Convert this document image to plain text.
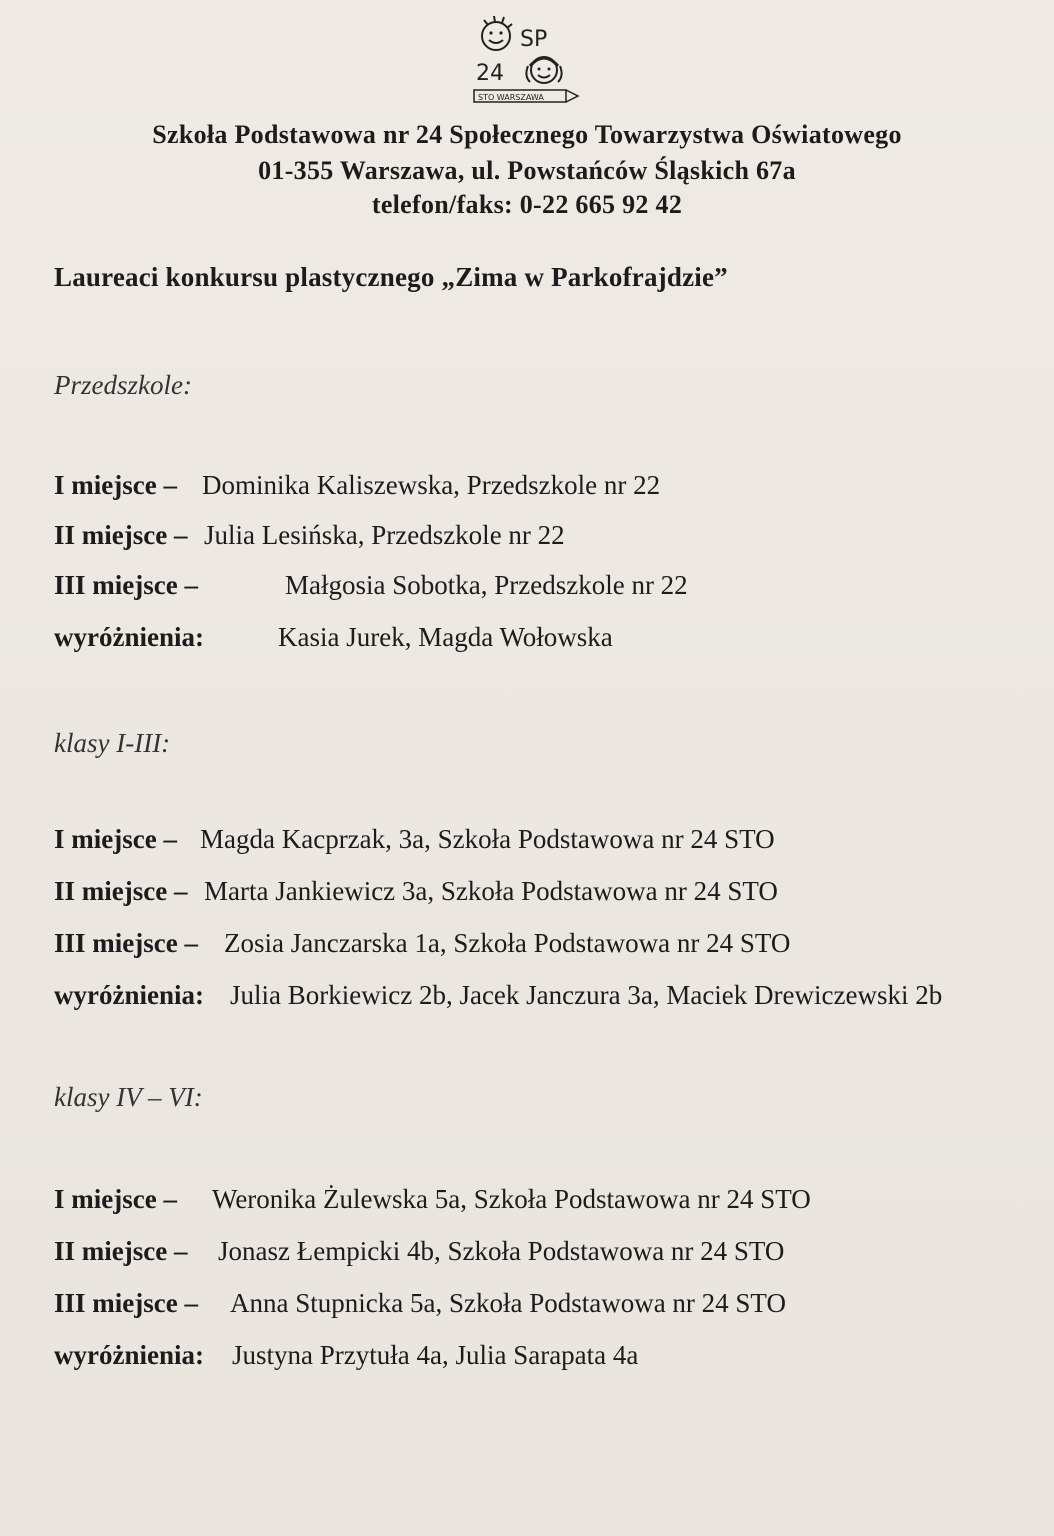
SP
24
STO WARSZAWA
Szkoła Podstawowa nr 24 Społecznego Towarzystwa Oświatowego
01-355 Warszawa, ul. Powstańców Śląskich 67a
telefon/faks: 0-22 665 92 42
Laureaci konkursu plastycznego „Zima w Parkofrajdzie”
Przedszkole:
I miejsce – Dominika Kaliszewska, Przedszkole nr 22
II miejsce – Julia Lesińska, Przedszkole nr 22
III miejsce –	Małgosia Sobotka, Przedszkole nr 22
wyróżnienia:	Kasia Jurek, Magda Wołowska
klasy I-III:
I miejsce – Magda Kacprzak, 3a, Szkoła Podstawowa nr 24 STO
II miejsce – Marta Jankiewicz 3a, Szkoła Podstawowa nr 24 STO
III miejsce – Zosia Janczarska 1a, Szkoła Podstawowa nr 24 STO
wyróżnienia: Julia Borkiewicz 2b, Jacek Janczura 3a, Maciek Drewiczewski 2b
klasy IV – VI:
I miejsce – Weronika Żulewska 5a, Szkoła Podstawowa nr 24 STO
II miejsce – Jonasz Łempicki 4b, Szkoła Podstawowa nr 24 STO
III miejsce – Anna Stupnicka 5a, Szkoła Podstawowa nr 24 STO
wyróżnienia: Justyna Przytuła 4a, Julia Sarapata 4a
